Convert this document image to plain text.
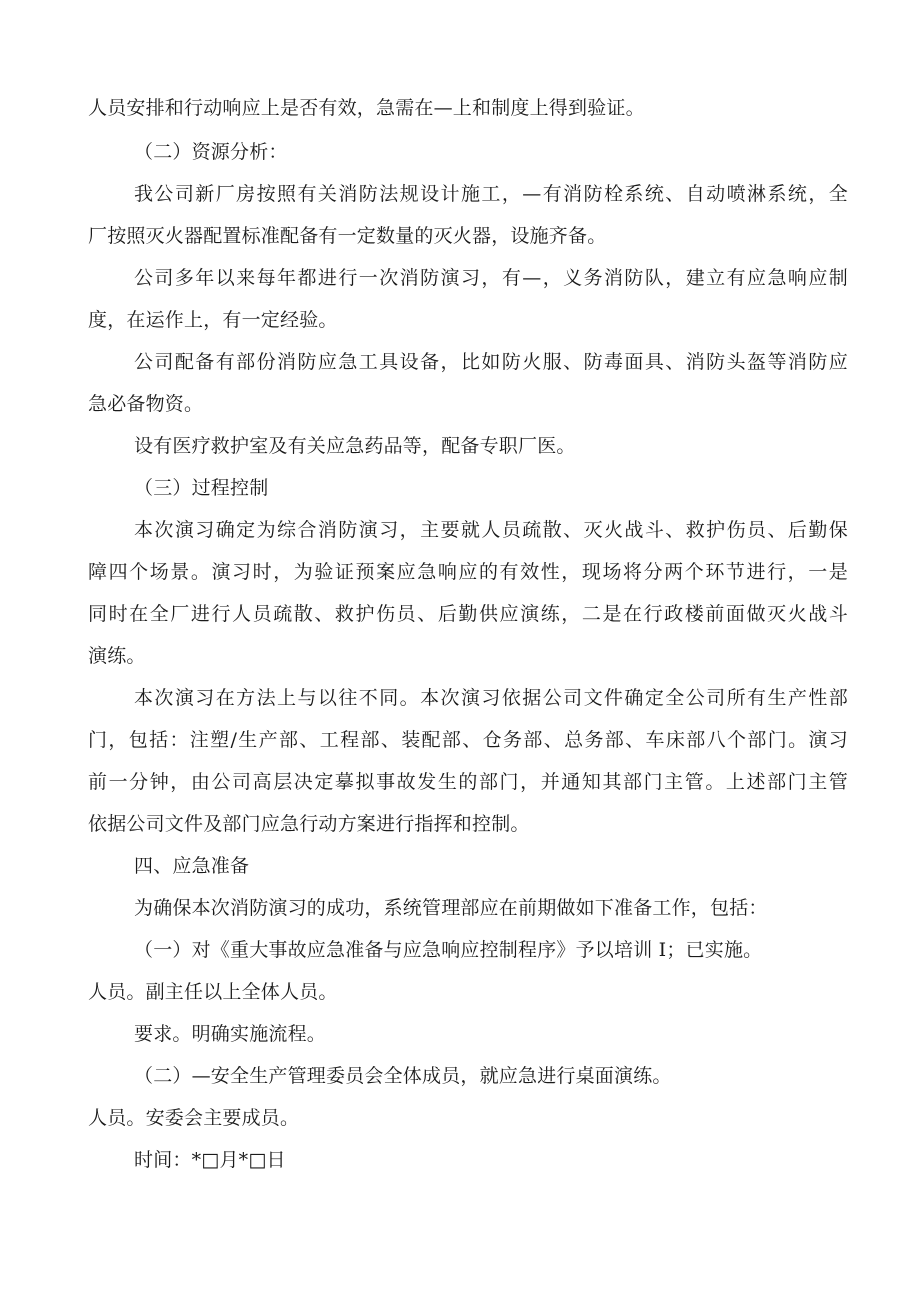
人员安排和行动响应上是否有效，急需在—上和制度上得到验证。
（二）资源分析：
我公司新厂房按照有关消防法规设计施工，—有消防栓系统、自动喷淋系统，全
厂按照灭火器配置标准配备有一定数量的灭火器，设施齐备。
公司多年以来每年都进行一次消防演习，有—，义务消防队，建立有应急响应制
度，在运作上，有一定经验。
公司配备有部份消防应急工具设备，比如防火服、防毒面具、消防头盔等消防应
急必备物资。
设有医疗救护室及有关应急药品等，配备专职厂医。
（三）过程控制
本次演习确定为综合消防演习，主要就人员疏散、灭火战斗、救护伤员、后勤保
障四个场景。演习时，为验证预案应急响应的有效性，现场将分两个环节进行，一是
同时在全厂进行人员疏散、救护伤员、后勤供应演练，二是在行政楼前面做灭火战斗
演练。
本次演习在方法上与以往不同。本次演习依据公司文件确定全公司所有生产性部
门，包括：注塑/生产部、工程部、装配部、仓务部、总务部、车床部八个部门。演习
前一分钟，由公司高层决定摹拟事故发生的部门，并通知其部门主管。上述部门主管
依据公司文件及部门应急行动方案进行指挥和控制。
四、应急准备
为确保本次消防演习的成功，系统管理部应在前期做如下准备工作，包括：
（一）对《重大事故应急准备与应急响应控制程序》予以培训 I；已实施。
人员。副主任以上全体人员。
要求。明确实施流程。
（二）—安全生产管理委员会全体成员，就应急进行桌面演练。
人员。安委会主要成员。
时间：*□月*□日
